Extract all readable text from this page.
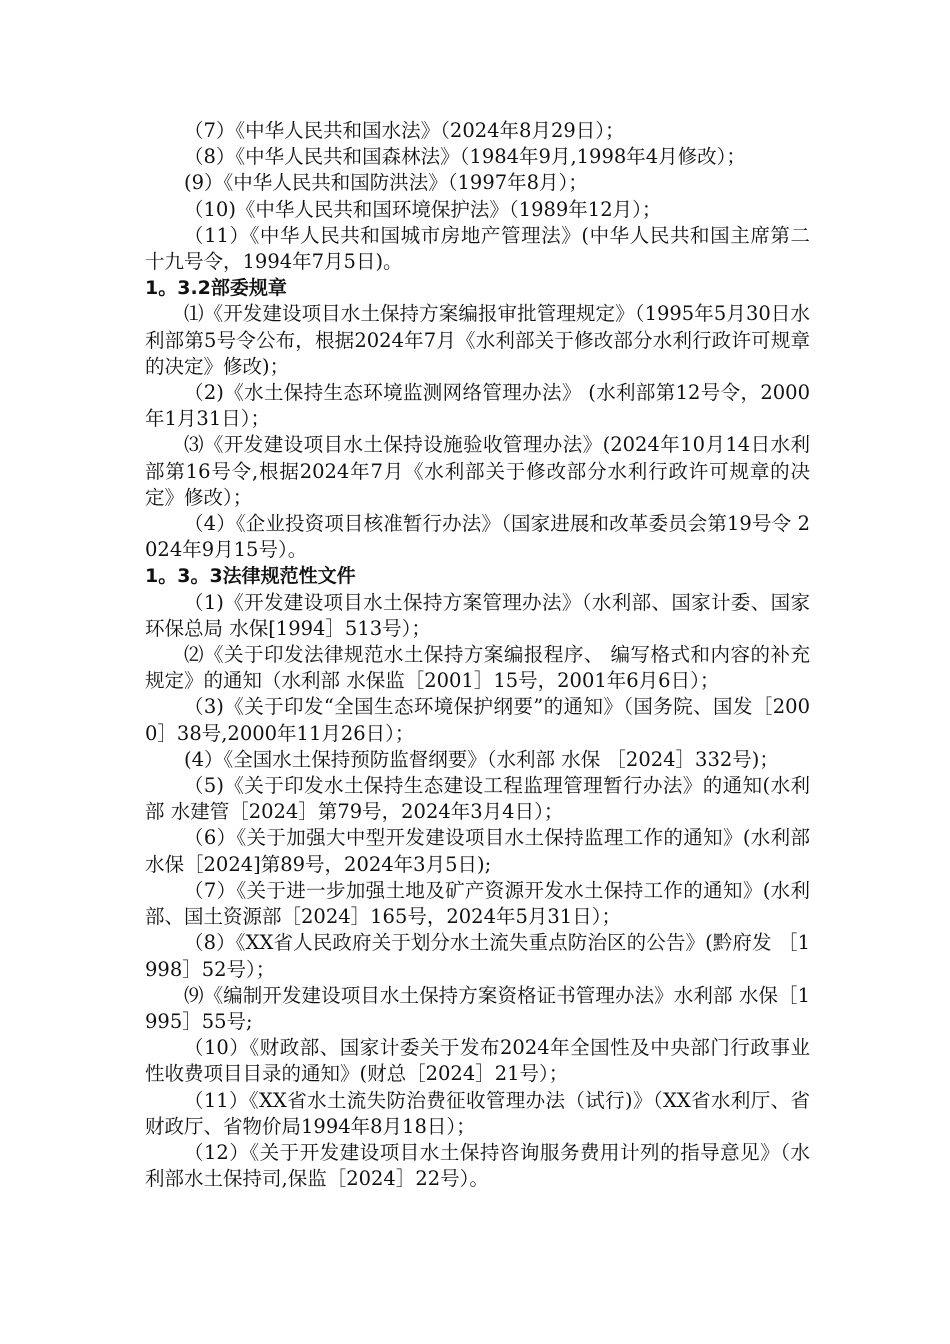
（7）《中华人民共和国水法》（2024年8月29日）；

（8）《中华人民共和国森林法》（1984年9月,1998年4月修改）；

(9）《中华人民共和国防洪法》（1997年8月）；

（10)《中华人民共和国环境保护法》（1989年12月）；

（11）《中华人民共和国城市房地产管理法》(中华人民共和国主席第二十九号令，1994年7月5日)。

1。3.2部委规章

⑴《开发建设项目水土保持方案编报审批管理规定》（1995年5月30日水利部第5号令公布，根据2024年7月《水利部关于修改部分水利行政许可规章的决定》修改)；

（2)《水土保持生态环境监测网络管理办法》 (水利部第12号令，2000年1月31日）；

⑶《开发建设项目水土保持设施验收管理办法》(2024年10月14日水利部第16号令,根据2024年7月《水利部关于修改部分水利行政许可规章的决定》修改）；

（4）《企业投资项目核准暂行办法》（国家进展和改革委员会第19号令 2024年9月15号）。

1。3。3法律规范性文件

（1)《开发建设项目水土保持方案管理办法》（水利部、国家计委、国家环保总局 水保[1994］513号）；

⑵《关于印发法律规范水土保持方案编报程序、 编写格式和内容的补充规定》的通知（水利部 水保监［2001］15号，2001年6月6日）；

（3)《关于印发“全国生态环境保护纲要”的通知》（国务院、国发［2000］38号,2000年11月26日）；

(4）《全国水土保持预防监督纲要》（水利部 水保 ［2024］332号)；

（5)《关于印发水土保持生态建设工程监理管理暂行办法》的通知(水利部 水建管［2024］第79号，2024年3月4日）；

（6）《关于加强大中型开发建设项目水土保持监理工作的通知》(水利部 水保［2024]第89号，2024年3月5日);

（7）《关于进一步加强土地及矿产资源开发水土保持工作的通知》(水利部、国土资源部［2024］165号，2024年5月31日）；

（8）《XX省人民政府关于划分水土流失重点防治区的公告》(黔府发 ［1998］52号）；

⑼《编制开发建设项目水土保持方案资格证书管理办法》水利部 水保［1995］55号;

（10）《财政部、国家计委关于发布2024年全国性及中央部门行政事业性收费项目目录的通知》(财总［2024］21号）；

（11）《XX省水土流失防治费征收管理办法（试行)》（XX省水利厅、省财政厅、省物价局1994年8月18日）；

（12）《关于开发建设项目水土保持咨询服务费用计列的指导意见》（水利部水土保持司,保监［2024］22号）。
